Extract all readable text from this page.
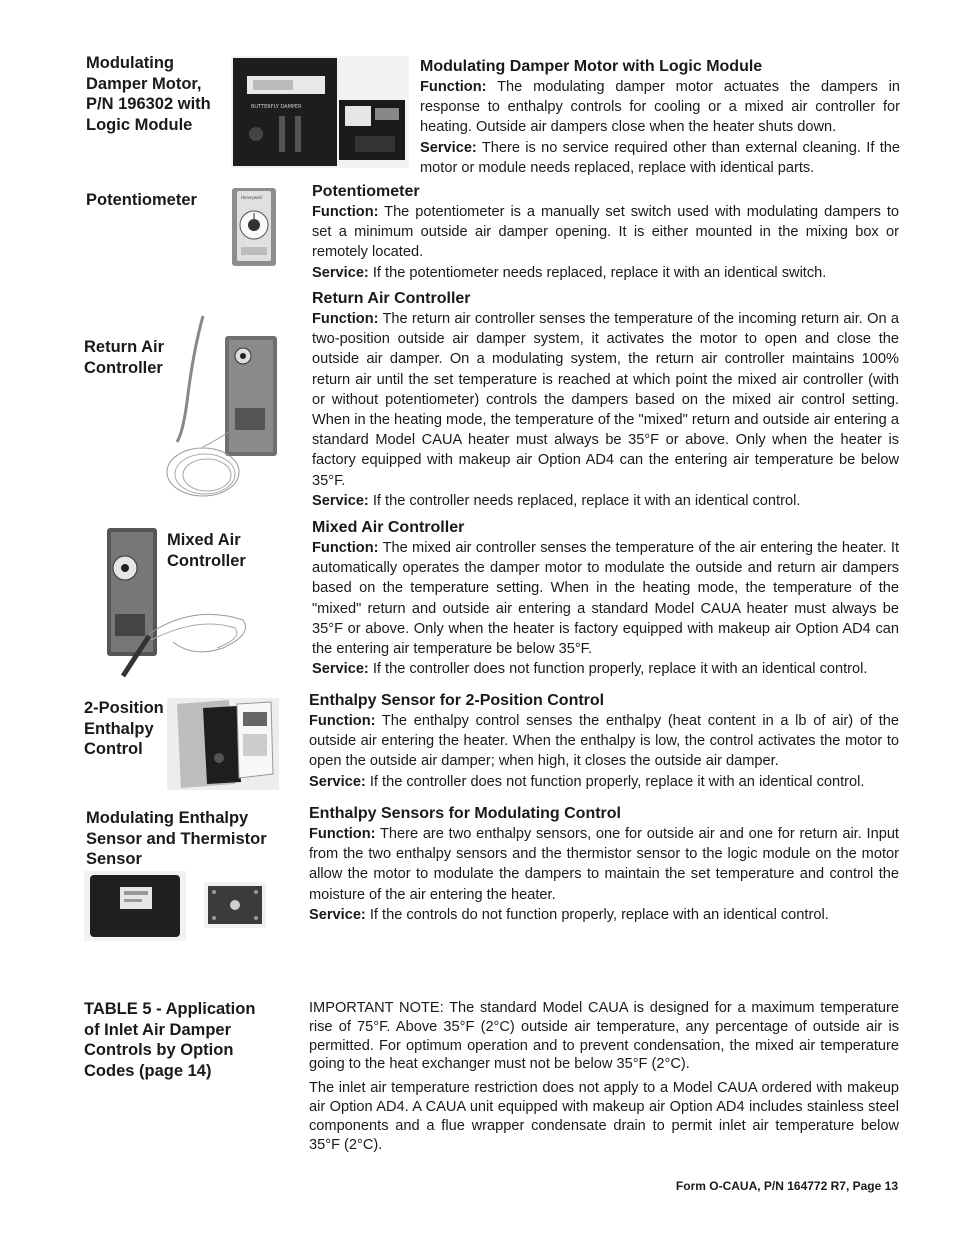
Modulating Damper Motor, P/N 196302 with Logic Module
Potentiometer
Return Air Controller
Mixed Air Controller
2-Position Enthalpy Control
Modulating Enthalpy Sensor and Thermistor Sensor
TABLE 5 - Application of Inlet Air Damper Controls by Option Codes (page 14)
BUTTERFLY DAMPER
Honeywell
Modulating Damper Motor with Logic Module

Function: The modulating damper motor actuates the dampers in response to enthalpy controls for cooling or a mixed air controller for heating. Outside air dampers close when the heater shuts down.

Service: There is no service required other than external cleaning. If the motor or module needs replaced, replace with identical parts.

Potentiometer

Function: The potentiometer is a manually set switch used with modulating dampers to set a minimum outside air damper opening. It is either mounted in the mixing box or remotely located.

Service: If the potentiometer needs replaced, replace it with an identical switch.

Return Air Controller

Function: The return air controller senses the temperature of the incoming return air. On a two-position outside air damper system, it activates the motor to open and close the outside air damper. On a modulating system, the return air controller maintains 100% return air until the set temperature is reached at which point the mixed air controller (with or without potentiometer) controls the dampers based on the mixed air control setting. When in the heating mode, the temperature of the "mixed" return and outside air entering a standard Model CAUA heater must always be 35°F or above. Only when the heater is factory equipped with makeup air Option AD4 can the entering air temperature be below 35°F.

Service: If the controller needs replaced, replace it with an identical control.

Mixed Air Controller

Function: The mixed air controller senses the temperature of the air entering the heater. It automatically operates the damper motor to modulate the outside and return air dampers based on the temperature setting. When in the heating mode, the temperature of the "mixed" return and outside air entering a standard Model CAUA heater must always be 35°F or above. Only when the heater is factory equipped with makeup air Option AD4 can the entering air temperature be below 35°F.

Service: If the controller does not function properly, replace it with an identical control.

Enthalpy Sensor for 2-Position Control

Function: The enthalpy control senses the enthalpy (heat content in a lb of air) of the outside air entering the heater. When the enthalpy is low, the control activates the motor to open the outside air damper; when high, it closes the outside air damper.

Service: If the controller does not function properly, replace it with an identical control.

Enthalpy Sensors for Modulating Control

Function: There are two enthalpy sensors, one for outside air and one for return air. Input from the two enthalpy sensors and the thermistor sensor to the logic module on the motor allow the motor to modulate the dampers to maintain the set temperature and control the moisture of the air entering the heater.

Service: If the controls do not function properly, replace with an identical control.

IMPORTANT NOTE: The standard Model CAUA is designed for a maximum temperature rise of 75°F. Above 35°F (2°C) outside air temperature, any percentage of outside air is permitted. For optimum operation and to prevent condensation, the mixed air temperature going to the heat exchanger must not be below 35°F (2°C).

The inlet air temperature restriction does not apply to a Model CAUA ordered with makeup air Option AD4. A CAUA unit equipped with makeup air Option AD4 includes stainless steel components and a flue wrapper condensate drain to permit inlet air temperature below 35°F (2°C).

Form O-CAUA, P/N 164772 R7, Page 13
